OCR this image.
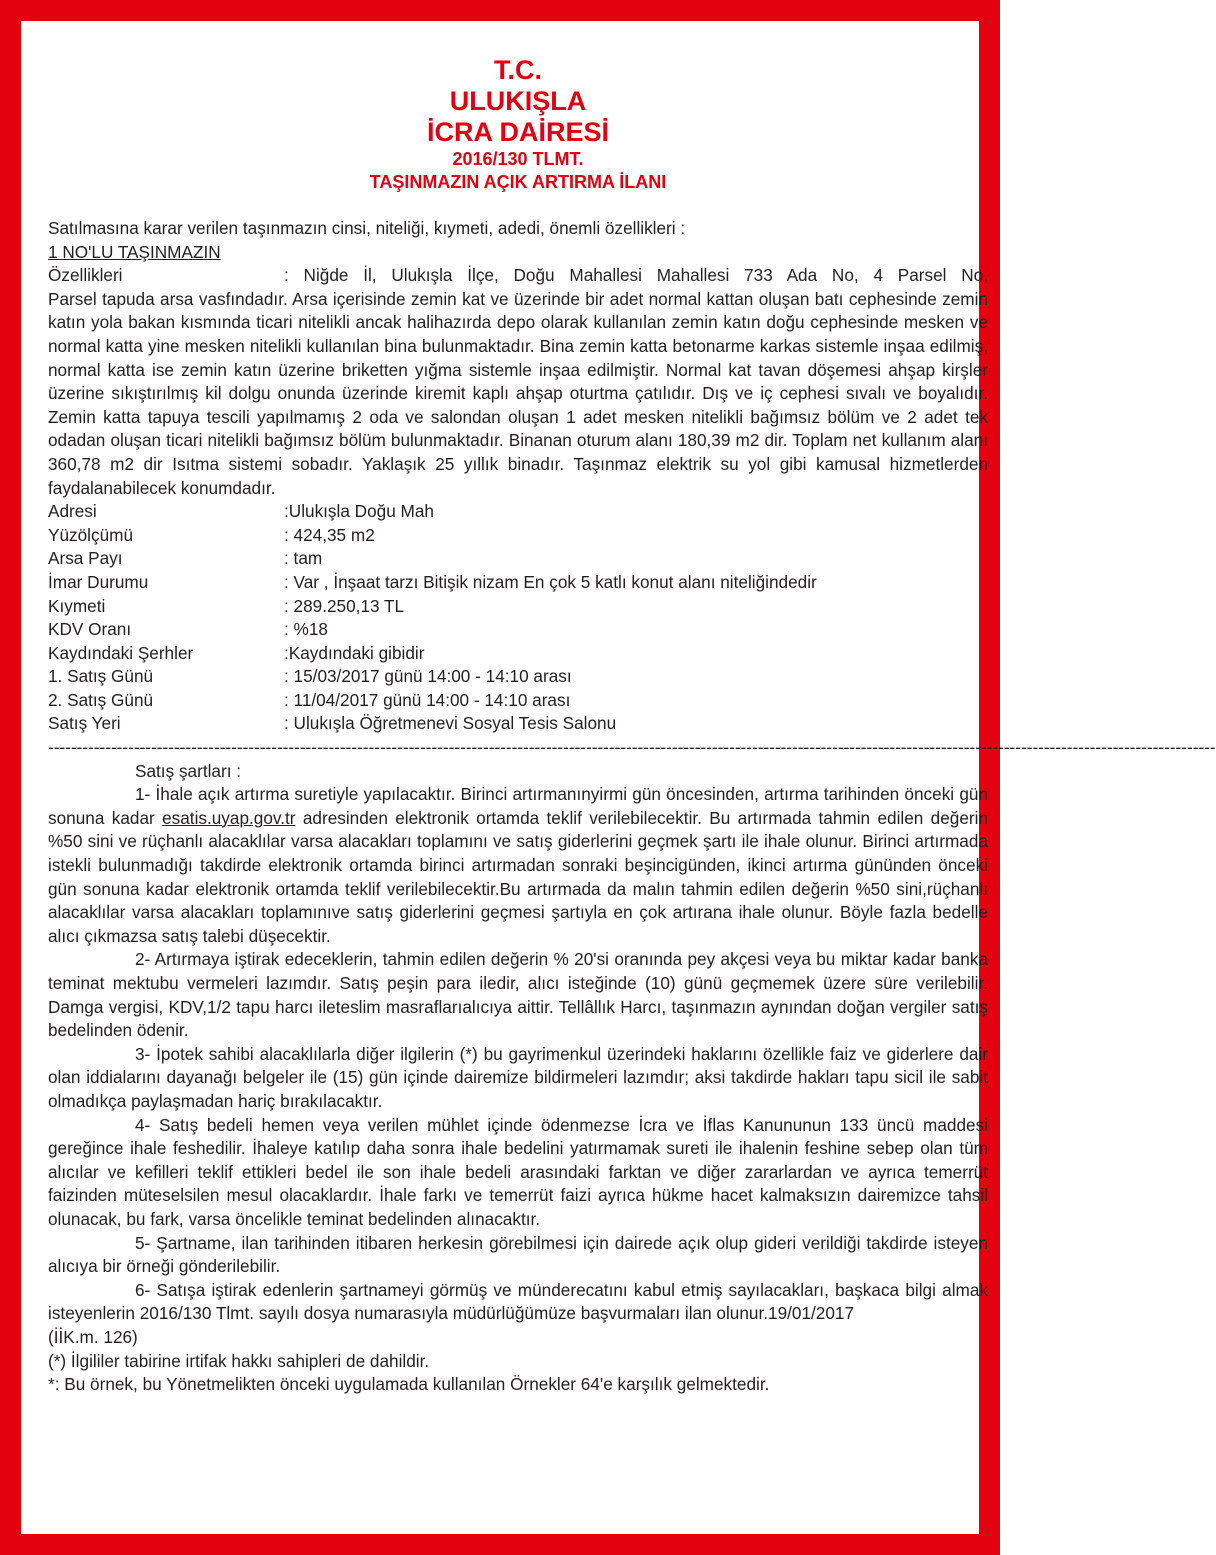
T.C.
ULUKIŞLA
İCRA DAİRESİ
2016/130 TLMT.
TAŞINMAZIN AÇIK ARTIRMA İLANI

Satılmasına karar verilen taşınmazın cinsi, niteliği, kıymeti, adedi, önemli özellikleri :

1 NO'LU TAŞINMAZIN

Özellikleri	: Niğde İl, Ulukışla İlçe, Doğu Mahallesi Mahallesi 733 Ada No, 4 Parsel No,

Parsel tapuda arsa vasfındadır. Arsa içerisinde zemin kat ve üzerinde bir adet normal kattan oluşan batı cephesinde zemin katın yola bakan kısmında ticari nitelikli ancak halihazırda depo olarak kullanılan zemin katın doğu cephesinde mesken ve normal katta yine mesken nitelikli kullanılan bina bulunmaktadır. Bina zemin katta betonarme karkas sistemle inşaa edilmiş, normal katta ise zemin katın üzerine briketten yığma sistemle inşaa edilmiştir. Normal kat tavan döşemesi ahşap kirşler üzerine sıkıştırılmış kil dolgu onunda üzerinde kiremit kaplı ahşap oturtma çatılıdır. Dış ve iç cephesi sıvalı ve boyalıdır. Zemin katta tapuya tescili yapılmamış 2 oda ve salondan oluşan 1 adet mesken nitelikli bağımsız bölüm ve 2 adet tek odadan oluşan ticari nitelikli bağımsız bölüm bulunmaktadır. Binanan oturum alanı 180,39 m2 dir. Toplam net kullanım alanı 360,78 m2 dir Isıtma sistemi sobadır. Yaklaşık 25 yıllık binadır. Taşınmaz elektrik su yol gibi kamusal hizmetlerden faydalanabilecek konumdadır.

Adresi	:Ulukışla Doğu Mah
Yüzölçümü	: 424,35 m2
Arsa Payı	: tam
İmar Durumu	: Var , İnşaat tarzı Bitişik nizam En çok 5 katlı konut alanı niteliğindedir
Kıymeti	: 289.250,13 TL
KDV Oranı	: %18
Kaydındaki Şerhler	:Kaydındaki gibidir
1. Satış Günü	: 15/03/2017 günü 14:00 - 14:10 arası
2. Satış Günü	: 11/04/2017 günü 14:00 - 14:10 arası
Satış Yeri	: Ulukışla Öğretmenevi Sosyal Tesis Salonu
------------------------------------------------------------------------------------------------------------------------------------------------------------------------------------------------------------

Satış şartları :

1- İhale açık artırma suretiyle yapılacaktır. Birinci artırmanınyirmi gün öncesinden, artırma tarihinden önceki gün sonuna kadar esatis.uyap.gov.tr adresinden elektronik ortamda teklif verilebilecektir. Bu artırmada tahmin edilen değerin %50 sini ve rüçhanlı alacaklılar varsa alacakları toplamını ve satış giderlerini geçmek şartı ile ihale olunur. Birinci artırmada istekli bulunmadığı takdirde elektronik ortamda birinci artırmadan sonraki beşincigünden, ikinci artırma gününden önceki gün sonuna kadar elektronik ortamda teklif verilebilecektir.Bu artırmada da malın tahmin edilen değerin %50 sini,rüçhanlı alacaklılar varsa alacakları toplamınıve satış giderlerini geçmesi şartıyla en çok artırana ihale olunur. Böyle fazla bedelle alıcı çıkmazsa satış talebi düşecektir.

2- Artırmaya iştirak edeceklerin, tahmin edilen değerin % 20'si oranında pey akçesi veya bu miktar kadar banka teminat mektubu vermeleri lazımdır. Satış peşin para iledir, alıcı isteğinde (10) günü geçmemek üzere süre verilebilir. Damga vergisi, KDV,1/2 tapu harcı ileteslim masraflarıalıcıya aittir. Tellâllık Harcı, taşınmazın aynından doğan vergiler satış bedelinden ödenir.

3- İpotek sahibi alacaklılarla diğer ilgilerin (*) bu gayrimenkul üzerindeki haklarını özellikle faiz ve giderlere dair olan iddialarını dayanağı belgeler ile (15) gün içinde dairemize bildirmeleri lazımdır; aksi takdirde hakları tapu sicil ile sabit olmadıkça paylaşmadan hariç bırakılacaktır.

4- Satış bedeli hemen veya verilen mühlet içinde ödenmezse İcra ve İflas Kanununun 133 üncü maddesi gereğince ihale feshedilir. İhaleye katılıp daha sonra ihale bedelini yatırmamak sureti ile ihalenin feshine sebep olan tüm alıcılar ve kefilleri teklif ettikleri bedel ile son ihale bedeli arasındaki farktan ve diğer zararlardan ve ayrıca temerrüt faizinden müteselsilen mesul olacaklardır. İhale farkı ve temerrüt faizi ayrıca hükme hacet kalmaksızın dairemizce tahsil olunacak, bu fark, varsa öncelikle teminat bedelinden alınacaktır.

5- Şartname, ilan tarihinden itibaren herkesin görebilmesi için dairede açık olup gideri verildiği takdirde isteyen alıcıya bir örneği gönderilebilir.

6- Satışa iştirak edenlerin şartnameyi görmüş ve münderecatını kabul etmiş sayılacakları, başkaca bilgi almak isteyenlerin 2016/130 Tlmt. sayılı dosya numarasıyla müdürlüğümüze başvurmaları ilan olunur.19/01/2017

(İİK.m. 126)

(*) İlgililer tabirine irtifak hakkı sahipleri de dahildir.

*: Bu örnek, bu Yönetmelikten önceki uygulamada kullanılan Örnekler 64'e karşılık gelmektedir.
